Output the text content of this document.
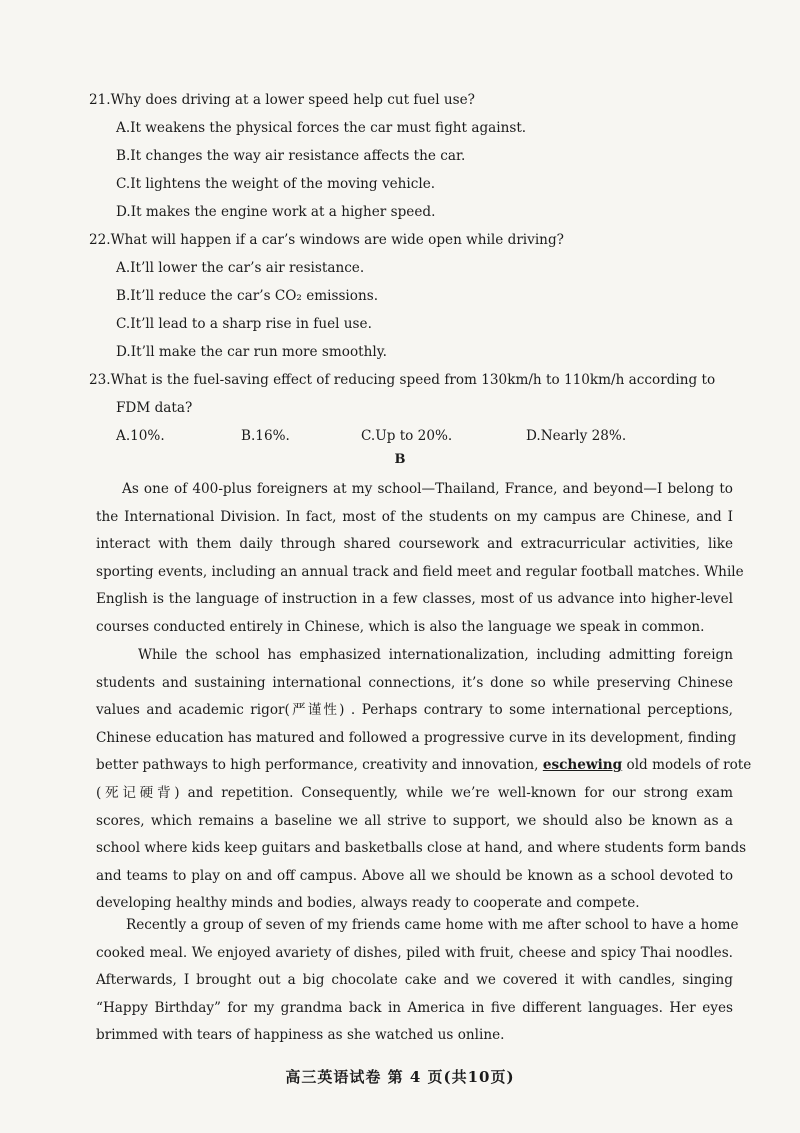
21.Why does driving at a lower speed help cut fuel use?
A.It weakens the physical forces the car must fight against.
B.It changes the way air resistance affects the car.
C.It lightens the weight of the moving vehicle.
D.It makes the engine work at a higher speed.
22.What will happen if a car’s windows are wide open while driving?
A.It’ll lower the car’s air resistance.
B.It’ll reduce the car’s CO₂ emissions.
C.It’ll lead to a sharp rise in fuel use.
D.It’ll make the car run more smoothly.
23.What is the fuel-saving effect of reducing speed from 130km/h to 110km/h according to
FDM data?
A.10%.	B.16%.	C.Up to 20%.	D.Nearly 28%.
B
As one of 400-plus foreigners at my school—Thailand, France, and beyond—I belong to
the International Division. In fact, most of the students on my campus are Chinese, and I
interact with them daily through shared coursework and extracurricular activities, like
sporting events, including an annual track and field meet and regular football matches. While
English is the language of instruction in a few classes, most of us advance into higher-level
courses conducted entirely in Chinese, which is also the language we speak in common.
While the school has emphasized internationalization, including admitting foreign
students and sustaining international connections, it’s done so while preserving Chinese
values and academic rigor(严谨性) . Perhaps contrary to some international perceptions,
Chinese education has matured and followed a progressive curve in its development, finding
better pathways to high performance, creativity and innovation, eschewing old models of rote
(死记硬背) and repetition. Consequently, while we’re well-known for our strong exam
scores, which remains a baseline we all strive to support, we should also be known as a
school where kids keep guitars and basketballs close at hand, and where students form bands
and teams to play on and off campus. Above all we should be known as a school devoted to
developing healthy minds and bodies, always ready to cooperate and compete.
Recently a group of seven of my friends came home with me after school to have a home
cooked meal. We enjoyed avariety of dishes, piled with fruit, cheese and spicy Thai noodles.
Afterwards, I brought out a big chocolate cake and we covered it with candles, singing
“Happy Birthday” for my grandma back in America in five different languages. Her eyes
brimmed with tears of happiness as she watched us online.
高三英语试卷 第 4 页(共10页)
